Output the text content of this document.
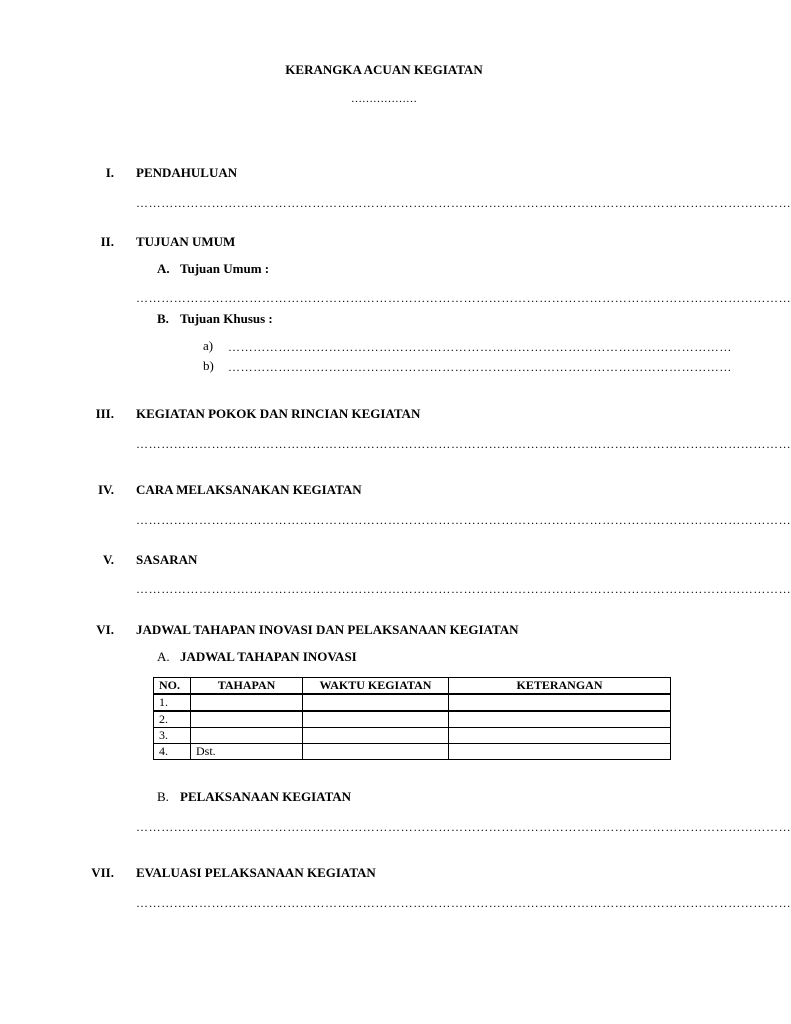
KERANGKA ACUAN KEGIATAN
………………
I. PENDAHULUAN
…………………………………………………………………………………………………………………………………………
II. TUJUAN UMUM
A. Tujuan Umum :
…………………………………………………………………………………………………………………………………………
B. Tujuan Khusus :
a) …………………………………………………………………………………………………………
b) …………………………………………………………………………………………………………
III. KEGIATAN POKOK DAN RINCIAN KEGIATAN
…………………………………………………………………………………………………………………………………………
IV. CARA MELAKSANAKAN KEGIATAN
…………………………………………………………………………………………………………………………………………
V. SASARAN
…………………………………………………………………………………………………………………………………………
VI. JADWAL TAHAPAN INOVASI DAN PELAKSANAAN KEGIATAN
A. JADWAL TAHAPAN INOVASI
NO.	TAHAPAN	WAKTU KEGIATAN	KETERANGAN
1.			
2.			
3.			
4.	Dst.		
B. PELAKSANAAN KEGIATAN
…………………………………………………………………………………………………………………………………………
VII. EVALUASI PELAKSANAAN KEGIATAN
…………………………………………………………………………………………………………………………………………
